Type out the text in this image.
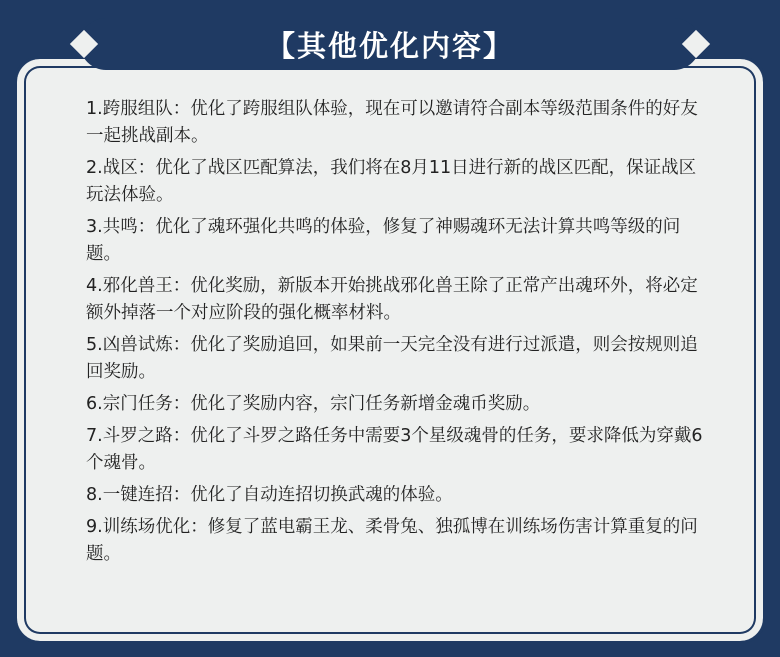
【其他优化内容】

1.跨服组队：优化了跨服组队体验，现在可以邀请符合副本等级范围条件的好友一起挑战副本。

2.战区：优化了战区匹配算法，我们将在8月11日进行新的战区匹配，保证战区玩法体验。

3.共鸣：优化了魂环强化共鸣的体验，修复了神赐魂环无法计算共鸣等级的问题。

4.邪化兽王：优化奖励，新版本开始挑战邪化兽王除了正常产出魂环外，将必定额外掉落一个对应阶段的强化概率材料。

5.凶兽试炼：优化了奖励追回，如果前一天完全没有进行过派遣，则会按规则追回奖励。

6.宗门任务：优化了奖励内容，宗门任务新增金魂币奖励。

7.斗罗之路：优化了斗罗之路任务中需要3个星级魂骨的任务，要求降低为穿戴6个魂骨。

8.一键连招：优化了自动连招切换武魂的体验。

9.训练场优化：修复了蓝电霸王龙、柔骨兔、独孤博在训练场伤害计算重复的问题。
